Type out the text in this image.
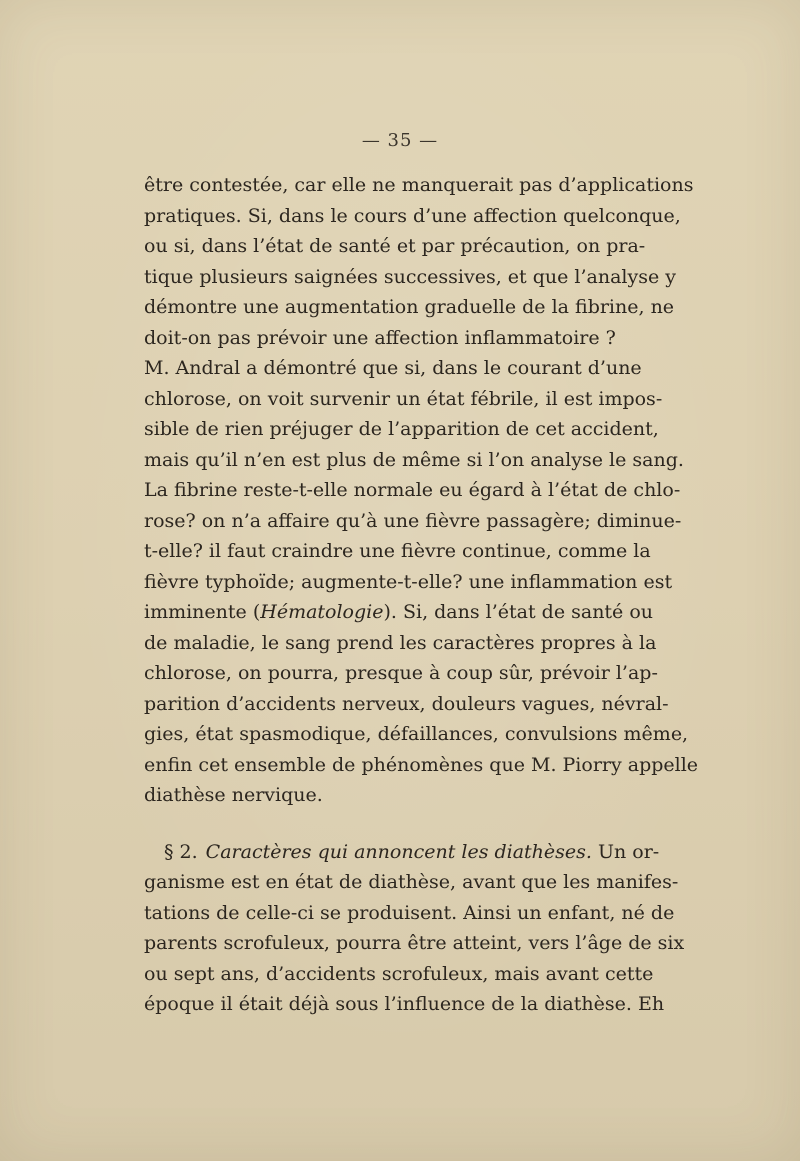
— 35 —
être contestée, car elle ne manquerait pas d’applications
pratiques. Si, dans le cours d’une affection quelconque,
ou si, dans l’état de santé et par précaution, on pra-
tique plusieurs saignées successives, et que l’analyse y
démontre une augmentation graduelle de la fibrine, ne
doit-on pas prévoir une affection inflammatoire ?
M. Andral a démontré que si, dans le courant d’une
chlorose, on voit survenir un état fébrile, il est impos-
sible de rien préjuger de l’apparition de cet accident,
mais qu’il n’en est plus de même si l’on analyse le sang.
La fibrine reste-t-elle normale eu égard à l’état de chlo-
rose? on n’a affaire qu’à une fièvre passagère; diminue-
t-elle? il faut craindre une fièvre continue, comme la
fièvre typhoïde; augmente-t-elle? une inflammation est
imminente (Hématologie). Si, dans l’état de santé ou
de maladie, le sang prend les caractères propres à la
chlorose, on pourra, presque à coup sûr, prévoir l’ap-
parition d’accidents nerveux, douleurs vagues, névral-
gies, état spasmodique, défaillances, convulsions même,
enfin cet ensemble de phénomènes que M. Piorry appelle
diathèse nervique.
§ 2. Caractères qui annoncent les diathèses. Un or-
ganisme est en état de diathèse, avant que les manifes-
tations de celle-ci se produisent. Ainsi un enfant, né de
parents scrofuleux, pourra être atteint, vers l’âge de six
ou sept ans, d’accidents scrofuleux, mais avant cette
époque il était déjà sous l’influence de la diathèse. Eh
